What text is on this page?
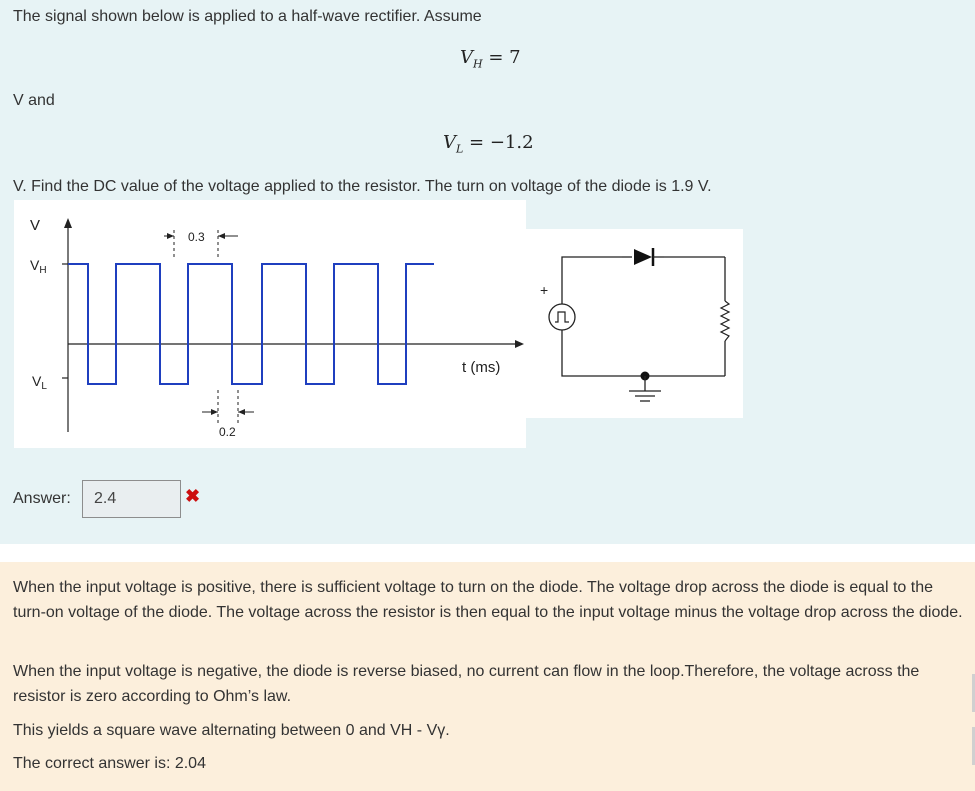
The signal shown below is applied to a half-wave rectifier. Assume
$V_H = 7$
V and
$V_L = -1.2$
V. Find the DC value of the voltage applied to the resistor. The turn on voltage of the diode is 1.9 V.
V
$V_H$
$V_L$
t (ms)
0.3
0.2
+
Answer:	2.4	✖

When the input voltage is positive, there is sufficient voltage to turn on the diode. The voltage drop across the diode is equal to the turn-on voltage of the diode. The voltage across the resistor is then equal to the input voltage minus the voltage drop across the diode.

When the input voltage is negative, the diode is reverse biased, no current can flow in the loop.Therefore, the voltage across the resistor is zero according to Ohm’s law.

This yields a square wave alternating between 0 and VH - Vγ.

The correct answer is: 2.04
